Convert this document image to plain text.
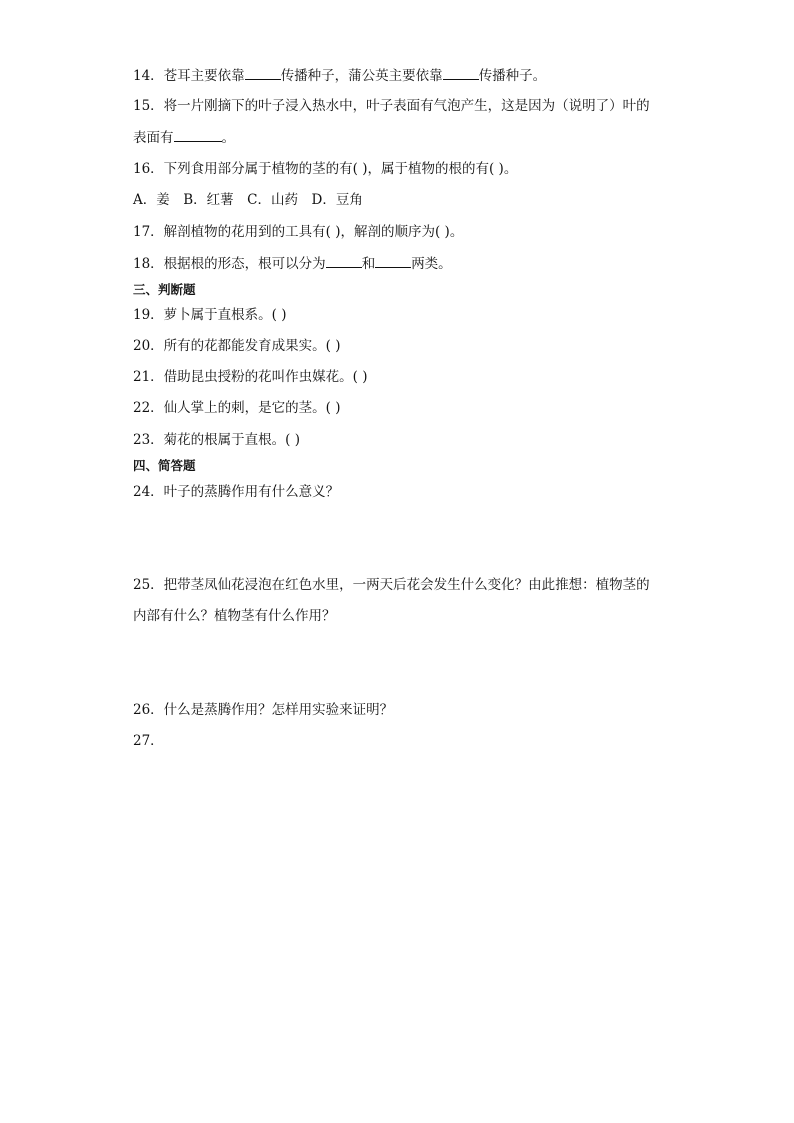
14．苍耳主要依靠	传播种子，蒲公英主要依靠	传播种子。
15．将一片刚摘下的叶子浸入热水中，叶子表面有气泡产生，这是因为（说明了）叶的
表面有	。
16．下列食用部分属于植物的茎的有( )，属于植物的根的有( )。
A．姜　B．红薯　C．山药　D．豆角
17．解剖植物的花用到的工具有( )，解剖的顺序为( )。
18．根据根的形态，根可以分为	和	两类。
三、判断题
19．萝卜属于直根系。( )
20．所有的花都能发育成果实。( )
21．借助昆虫授粉的花叫作虫媒花。( )
22．仙人掌上的刺，是它的茎。( )
23．菊花的根属于直根。( )
四、简答题
24．叶子的蒸腾作用有什么意义？
25．把带茎凤仙花浸泡在红色水里，一两天后花会发生什么变化？由此推想：植物茎的
内部有什么？植物茎有什么作用？
26．什么是蒸腾作用？怎样用实验来证明？
27．
